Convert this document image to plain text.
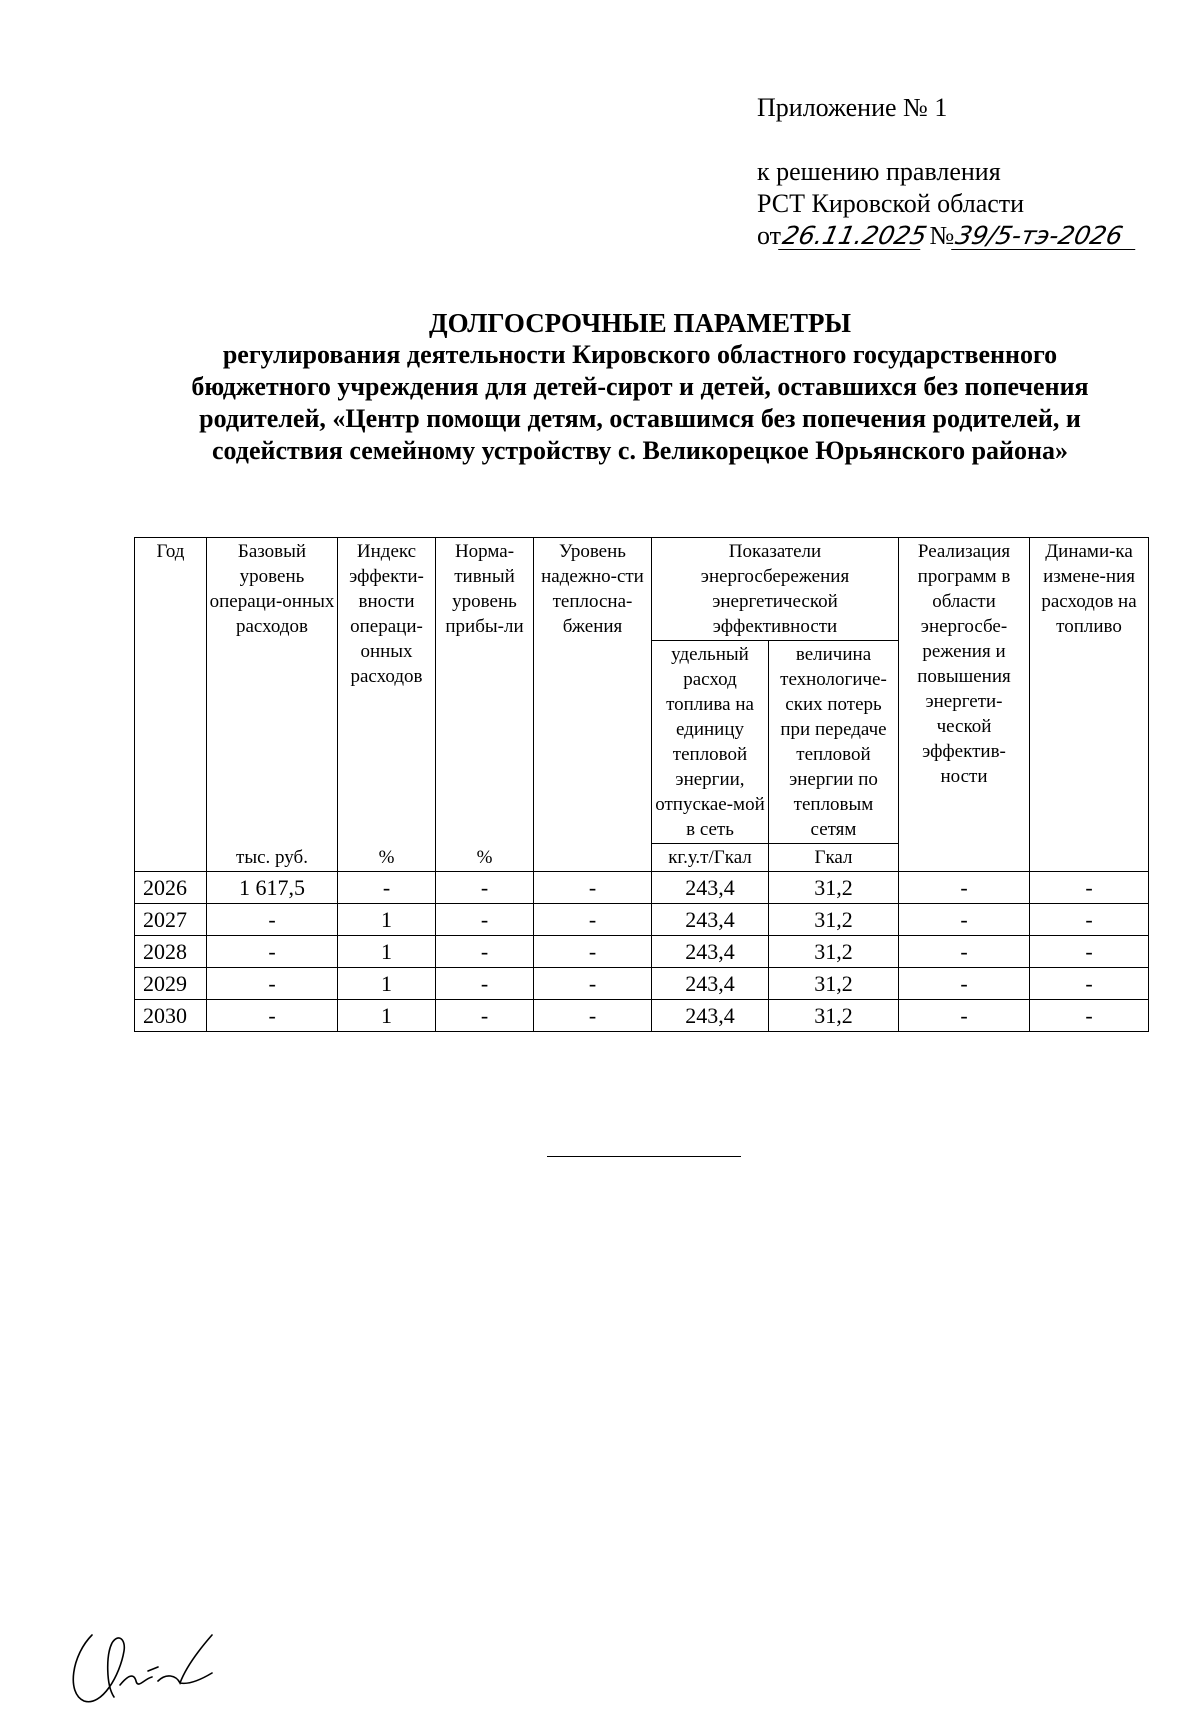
Приложение № 1
к решению правления
РСТ Кировской области
от26.11.2025 №39/5-тэ-2026
ДОЛГОСРОЧНЫЕ ПАРАМЕТРЫ
регулирования деятельности Кировского областного государственного бюджетного учреждения для детей-сирот и детей, оставшихся без попечения родителей, «Центр помощи детям, оставшимся без попечения родителей, и содействия семейному устройству с. Великорецкое Юрьянского района»
Год	Базовый уровень операци-онных расходов	Индекс эффекти-вности операци-онных расходов	Норма-тивный уровень прибы-ли	Уровень надежно-сти теплосна-бжения	Показатели энергосбережения энергетической эффективности		Реализация программ в области энергосбе-режения и повышения энергети-ческой эффектив-ности	Динами-ка измене-ния расходов на топливо

					удельный расход топлива на единицу тепловой энергии, отпускае-мой в сеть	величина технологиче-ских потерь при передаче тепловой энергии по тепловым сетям		

	тыс. руб.	%	%		кг.у.т/Гкал	Гкал		
2026	1 617,5	-	-	-	243,4	31,2	-	-
2027	-	1	-	-	243,4	31,2	-	-
2028	-	1	-	-	243,4	31,2	-	-
2029	-	1	-	-	243,4	31,2	-	-
2030	-	1	-	-	243,4	31,2	-	-
